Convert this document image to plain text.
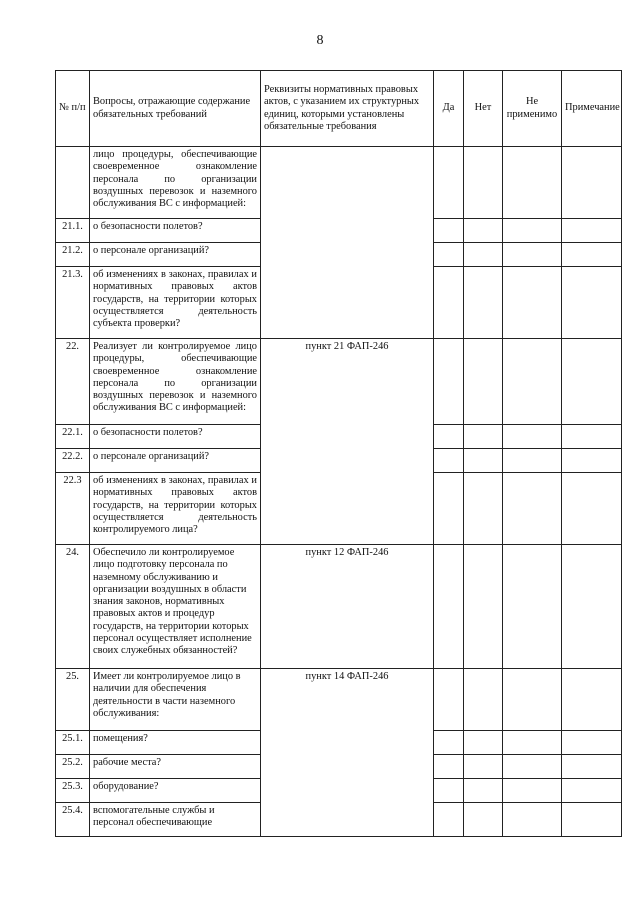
8
№ п/п	Вопросы, отражающие содержание обязательных требований	Реквизиты нормативных правовых актов, с указанием их структурных единиц, которыми установлены обязательные требования	Да	Нет	Не применимо	Примечание
	лицо процедуры, обеспечивающие своевременное ознакомление персонала по организации воздушных перевозок и наземного обслуживания ВС с информацией:					
21.1.	о безопасности полетов?					
21.2.	о персонале организаций?					
21.3.	об изменениях в законах, правилах и нормативных правовых актов государств, на территории которых осуществляется деятельность субъекта проверки?					
22.	Реализует ли контролируемое лицо процедуры, обеспечивающие своевременное ознакомление персонала по организации воздушных перевозок и наземного обслуживания ВС с информацией:	пункт 21 ФАП-246				
22.1.	о безопасности полетов?					
22.2.	о персонале организаций?					
22.3	об изменениях в законах, правилах и нормативных правовых актов государств, на территории которых осуществляется деятельность контролируемого лица?					
24.	Обеспечило ли контролируемое лицо подготовку персонала по наземному обслуживанию и организации воздушных в области знания законов, нормативных правовых актов и процедур государств, на территории которых персонал осуществляет исполнение своих служебных обязанностей?	пункт 12 ФАП-246				
25.	Имеет ли контролируемое лицо в наличии для обеспечения деятельности в части наземного обслуживания:	пункт 14 ФАП-246				
25.1.	помещения?					
25.2.	рабочие места?					
25.3.	оборудование?					
25.4.	вспомогательные службы и персонал обеспечивающие					
